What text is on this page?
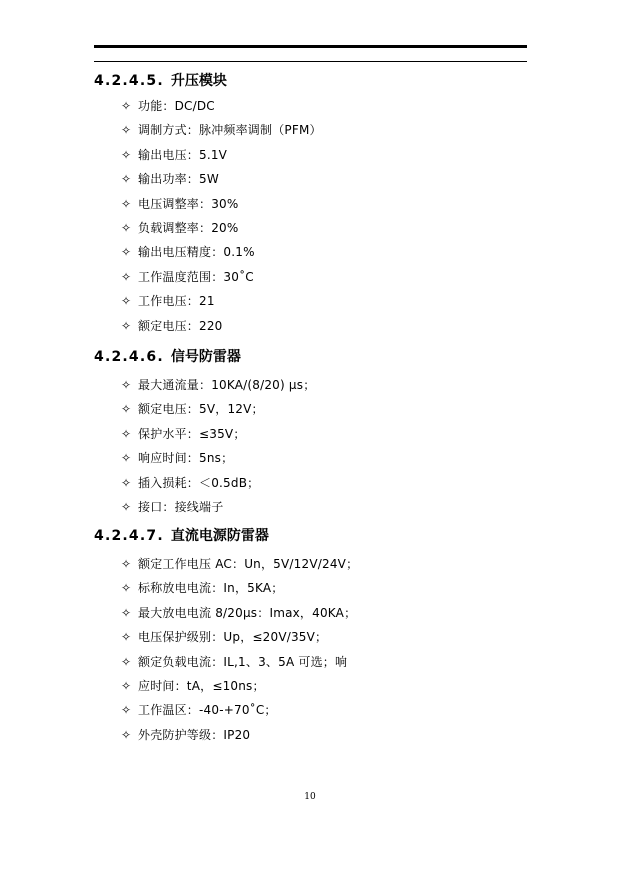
4.2.4.5. 升压模块
✧ 功能：DC/DC
✧ 调制方式：脉冲频率调制（PFM）
✧ 输出电压：5.1V
✧ 输出功率：5W
✧ 电压调整率：30%
✧ 负载调整率：20%
✧ 输出电压精度：0.1%
✧ 工作温度范围：30˚C
✧ 工作电压：21
✧ 额定电压：220
4.2.4.6. 信号防雷器
✧ 最大通流量：10KA/(8/20) μs；
✧ 额定电压：5V，12V；
✧ 保护水平：≤35V；
✧ 响应时间：5ns；
✧ 插入损耗：＜0.5dB；
✧ 接口：接线端子
4.2.4.7. 直流电源防雷器
✧ 额定工作电压 AC：Un，5V/12V/24V；
✧ 标称放电电流：In，5KA；
✧ 最大放电电流 8/20μs：Imax，40KA；
✧ 电压保护级别：Up，≤20V/35V；
✧ 额定负载电流：IL,1、3、5A 可选；响
✧ 应时间：tA，≤10ns；
✧ 工作温区：-40-+70˚C；
✧ 外壳防护等级：IP20
10
